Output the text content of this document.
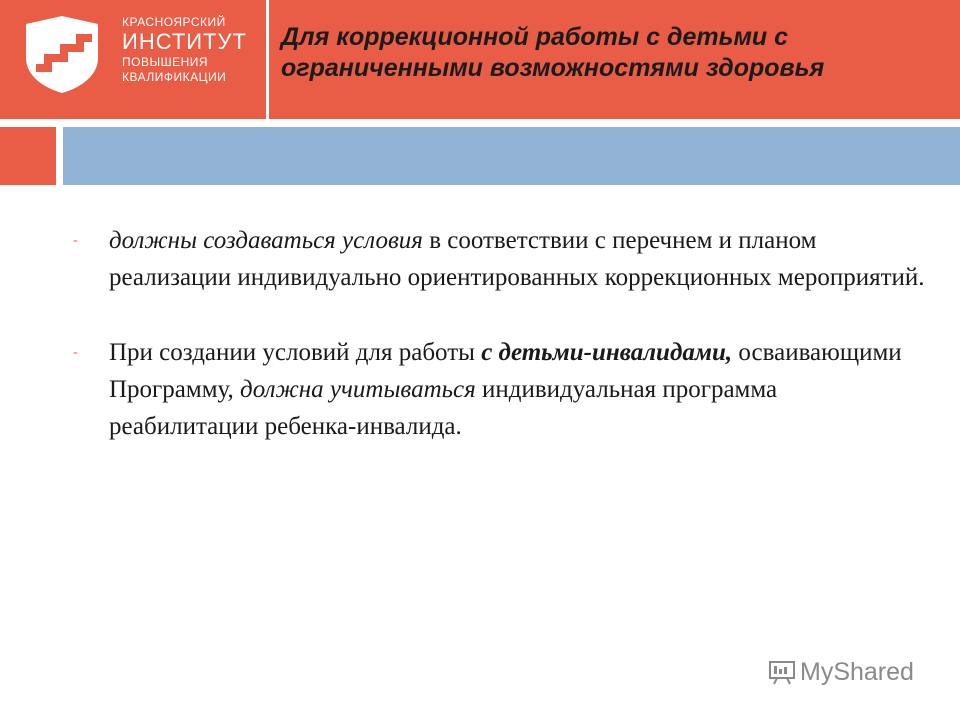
КРАСНОЯРСКИЙ
ИНСТИТУТ
ПОВЫШЕНИЯ
КВАЛИФИКАЦИИ
Для коррекционной работы с детьми с ограниченными возможностями здоровья
- должны создаваться условия в соответствии с перечнем и планом реализации индивидуально ориентированных коррекционных мероприятий.
- При создании условий для работы с детьми-инвалидами, осваивающими Программу, должна учитываться индивидуальная программа реабилитации ребенка-инвалида.
MyShared
